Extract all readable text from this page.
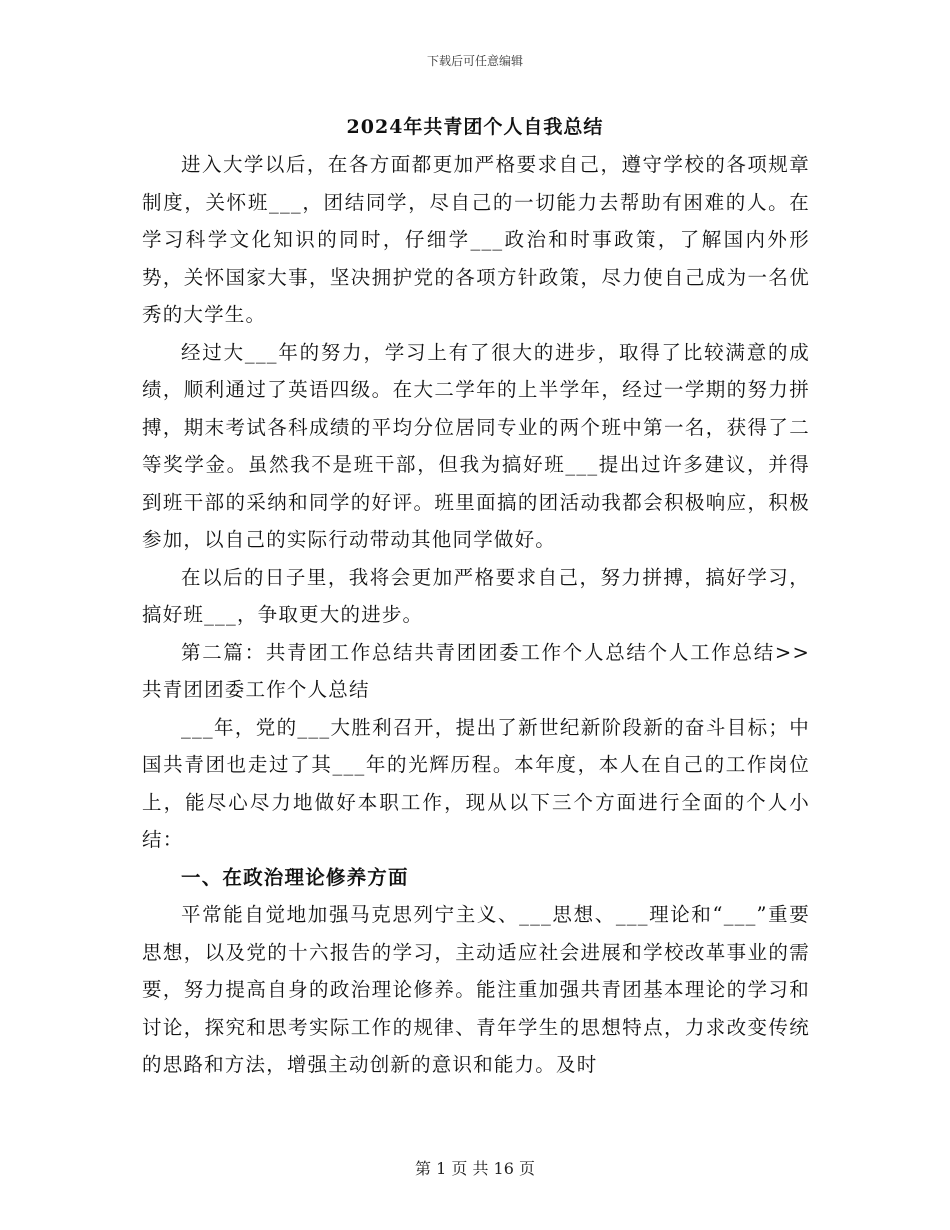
下载后可任意编辑
2024年共青团个人自我总结

进入大学以后，在各方面都更加严格要求自己，遵守学校的各项规章制度，关怀班___，团结同学，尽自己的一切能力去帮助有困难的人。在学习科学文化知识的同时，仔细学___政治和时事政策，了解国内外形势，关怀国家大事，坚决拥护党的各项方针政策，尽力使自己成为一名优秀的大学生。

经过大___年的努力，学习上有了很大的进步，取得了比较满意的成绩，顺利通过了英语四级。在大二学年的上半学年，经过一学期的努力拼搏，期末考试各科成绩的平均分位居同专业的两个班中第一名，获得了二等奖学金。虽然我不是班干部，但我为搞好班___提出过许多建议，并得到班干部的采纳和同学的好评。班里面搞的团活动我都会积极响应，积极参加，以自己的实际行动带动其他同学做好。

在以后的日子里，我将会更加严格要求自己，努力拼搏，搞好学习，搞好班___，争取更大的进步。

第二篇：共青团工作总结共青团团委工作个人总结个人工作总结>>共青团团委工作个人总结

___年，党的___大胜利召开，提出了新世纪新阶段新的奋斗目标；中国共青团也走过了其___年的光辉历程。本年度，本人在自己的工作岗位上，能尽心尽力地做好本职工作，现从以下三个方面进行全面的个人小结：

一、在政治理论修养方面

平常能自觉地加强马克思列宁主义、___思想、___理论和“___”重要思想，以及党的十六报告的学习，主动适应社会进展和学校改革事业的需要，努力提高自身的政治理论修养。能注重加强共青团基本理论的学习和讨论，探究和思考实际工作的规律、青年学生的思想特点，力求改变传统的思路和方法，增强主动创新的意识和能力。及时

第 1 页 共 16 页
